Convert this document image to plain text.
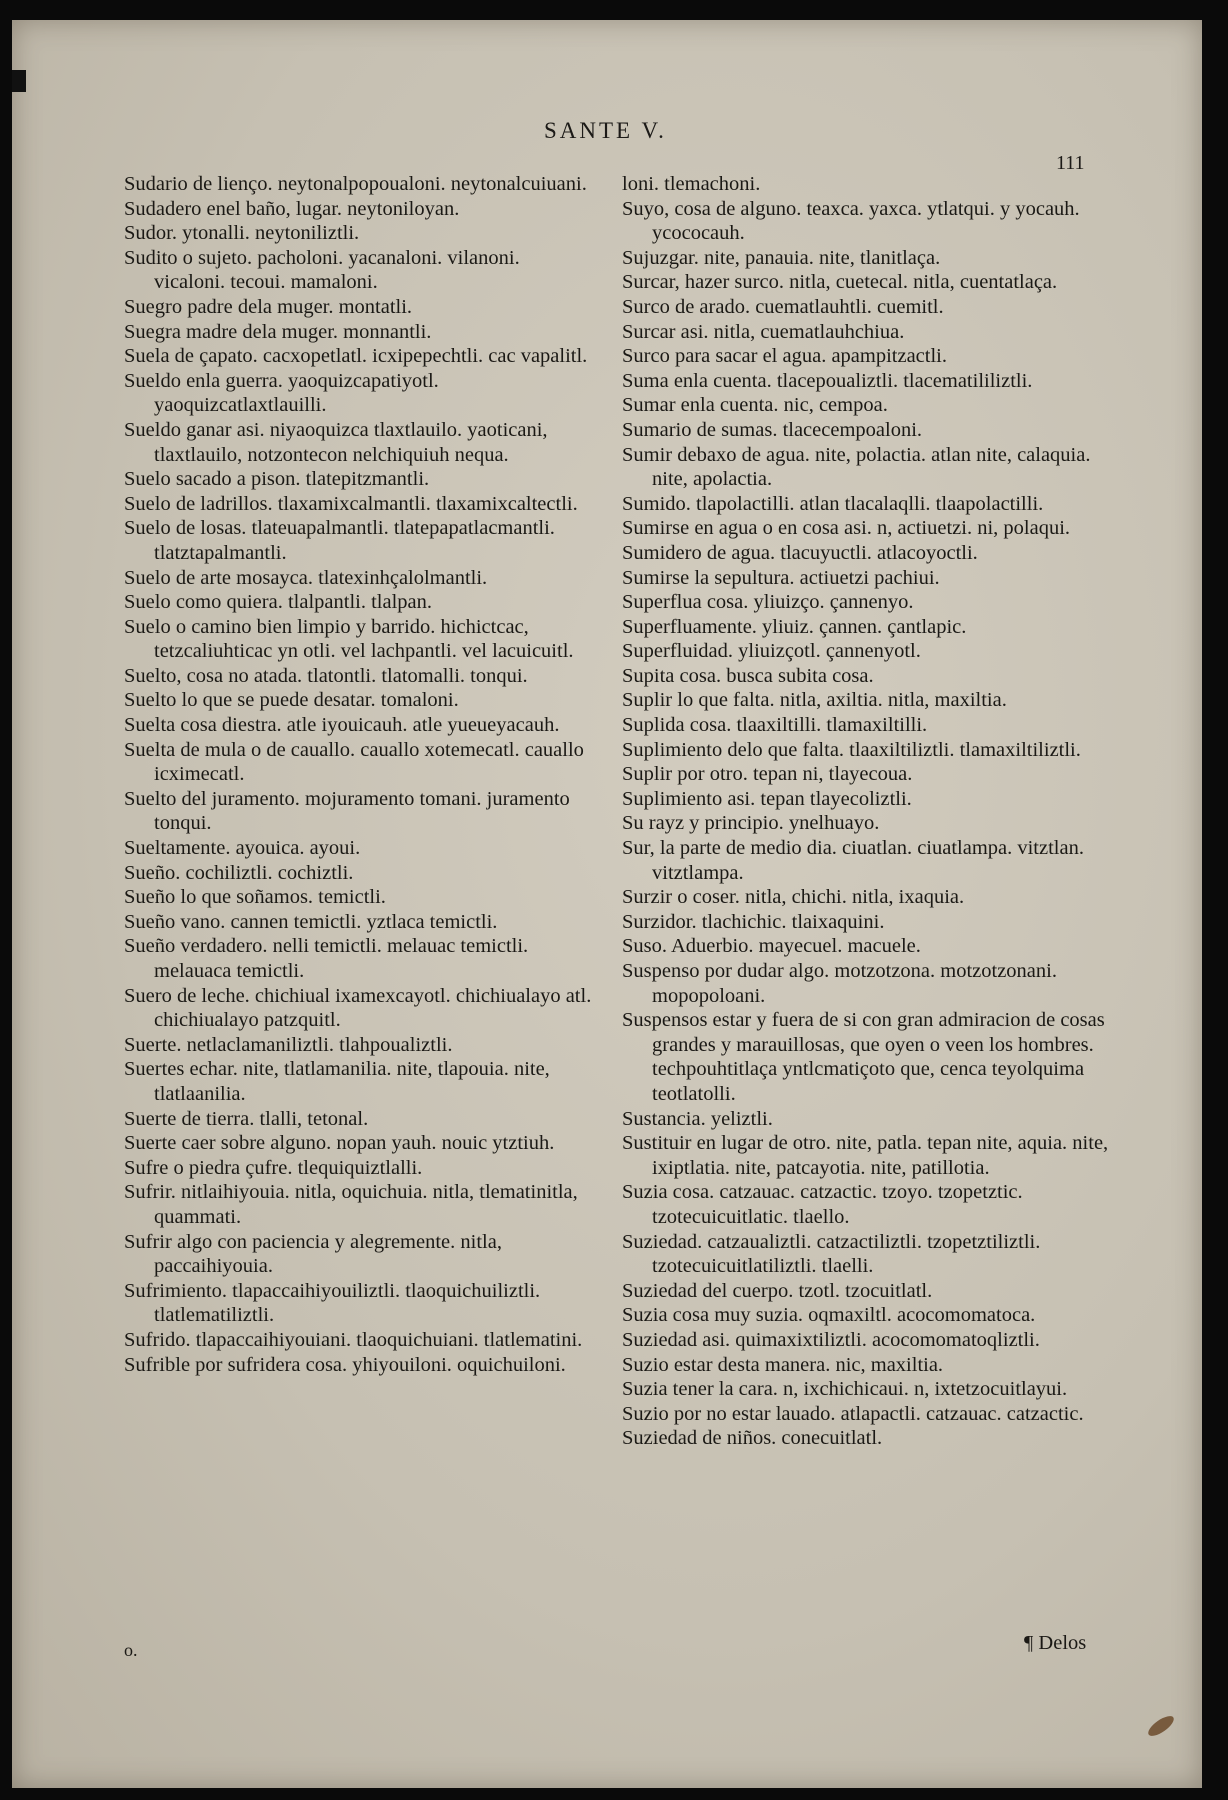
SANTE V.
111

Sudario de lienço. neytonalpopoualoni. neytonalcuiuani.

Sudadero enel baño, lugar. neytoniloyan.

Sudor. ytonalli. neytoniliztli.

Sudito o sujeto. pacholoni. yacanaloni. vilanoni. vicaloni. tecoui. mamaloni.

Suegro padre dela muger. montatli.

Suegra madre dela muger. monnantli.

Suela de çapato. cacxopetlatl. icxipepechtli. cac vapalitl.

Sueldo enla guerra. yaoquizcapatiyotl. yaoquizcatlaxtlauilli.

Sueldo ganar asi. niyaoquizca tlaxtlauilo. yaoticani, tlaxtlauilo, notzontecon nelchiquiuh nequa.

Suelo sacado a pison. tlatepitzmantli.

Suelo de ladrillos. tlaxamixcalmantli. tlaxamixcaltectli.

Suelo de losas. tlateuapalmantli. tlatepapatlacmantli. tlatztapalmantli.

Suelo de arte mosayca. tlatexinhçalolmantli.

Suelo como quiera. tlalpantli. tlalpan.

Suelo o camino bien limpio y barrido. hichictcac, tetzcaliuhticac yn otli. vel lachpantli. vel lacuicuitl.

Suelto, cosa no atada. tlatontli. tlatomalli. tonqui.

Suelto lo que se puede desatar. tomaloni.

Suelta cosa diestra. atle iyouicauh. atle yueueyacauh.

Suelta de mula o de cauallo. cauallo xotemecatl. cauallo icximecatl.

Suelto del juramento. mojuramento tomani. juramento tonqui.

Sueltamente. ayouica. ayoui.

Sueño. cochiliztli. cochiztli.

Sueño lo que soñamos. temictli.

Sueño vano. cannen temictli. yztlaca temictli.

Sueño verdadero. nelli temictli. melauac temictli. melauaca temictli.

Suero de leche. chichiual ixamexcayotl. chichiualayo atl. chichiualayo patzquitl.

Suerte. netlaclamaniliztli. tlahpoualiztli.

Suertes echar. nite, tlatlamanilia. nite, tlapouia. nite, tlatlaanilia.

Suerte de tierra. tlalli, tetonal.

Suerte caer sobre alguno. nopan yauh. nouic ytztiuh.

Sufre o piedra çufre. tlequiquiztlalli.

Sufrir. nitlaihiyouia. nitla, oquichuia. nitla, tlematinitla, quammati.

Sufrir algo con paciencia y alegremente. nitla, paccaihiyouia.

Sufrimiento. tlapaccaihiyouiliztli. tlaoquichuiliztli. tlatlematiliztli.

Sufrido. tlapaccaihiyouiani. tlaoquichuiani. tlatlematini.

Sufrible por sufridera cosa. yhiyouiloni. oquichuiloni.

loni. tlemachoni.

Suyo, cosa de alguno. teaxca. yaxca. ytlatqui. y yocauh. ycococauh.

Sujuzgar. nite, panauia. nite, tlanitlaça.

Surcar, hazer surco. nitla, cuetecal. nitla, cuentatlaça.

Surco de arado. cuematlauhtli. cuemitl.

Surcar asi. nitla, cuematlauhchiua.

Surco para sacar el agua. apampitzactli.

Suma enla cuenta. tlacepoualiztli. tlacematililiztli.

Sumar enla cuenta. nic, cempoa.

Sumario de sumas. tlacecempoaloni.

Sumir debaxo de agua. nite, polactia. atlan nite, calaquia. nite, apolactia.

Sumido. tlapolactilli. atlan tlacalaqlli. tlaapolactilli.

Sumirse en agua o en cosa asi. n, actiuetzi. ni, polaqui.

Sumidero de agua. tlacuyuctli. atlacoyoctli.

Sumirse la sepultura. actiuetzi pachiui.

Superflua cosa. yliuizço. çannenyo.

Superfluamente. yliuiz. çannen. çantlapic.

Superfluidad. yliuizçotl. çannenyotl.

Supita cosa. busca subita cosa.

Suplir lo que falta. nitla, axiltia. nitla, maxiltia.

Suplida cosa. tlaaxiltilli. tlamaxiltilli.

Suplimiento delo que falta. tlaaxiltiliztli. tlamaxiltiliztli.

Suplir por otro. tepan ni, tlayecoua.

Suplimiento asi. tepan tlayecoliztli.

Su rayz y principio. ynelhuayo.

Sur, la parte de medio dia. ciuatlan. ciuatlampa. vitztlan. vitztlampa.

Surzir o coser. nitla, chichi. nitla, ixaquia.

Surzidor. tlachichic. tlaixaquini.

Suso. Aduerbio. mayecuel. macuele.

Suspenso por dudar algo. motzotzona. motzotzonani. mopopoloani.

Suspensos estar y fuera de si con gran admiracion de cosas grandes y marauillosas, que oyen o veen los hombres. techpouhtitlaça yntlcmatiçoto que, cenca teyolquima teotlatolli.

Sustancia. yeliztli.

Sustituir en lugar de otro. nite, patla. tepan nite, aquia. nite, ixiptlatia. nite, patcayotia. nite, patillotia.

Suzia cosa. catzauac. catzactic. tzoyo. tzopetztic. tzotecuicuitlatic. tlaello.

Suziedad. catzaualiztli. catzactiliztli. tzopetztiliztli. tzotecuicuitlatiliztli. tlaelli.

Suziedad del cuerpo. tzotl. tzocuitlatl.

Suzia cosa muy suzia. oqmaxiltl. acocomomatoca.

Suziedad asi. quimaxixtiliztli. acocomomatoqliztli.

Suzio estar desta manera. nic, maxiltia.

Suzia tener la cara. n, ixchichicaui. n, ixtetzocuitlayui.

Suzio por no estar lauado. atlapactli. catzauac. catzactic.

Suziedad de niños. conecuitlatl.

o.	¶ Delos
